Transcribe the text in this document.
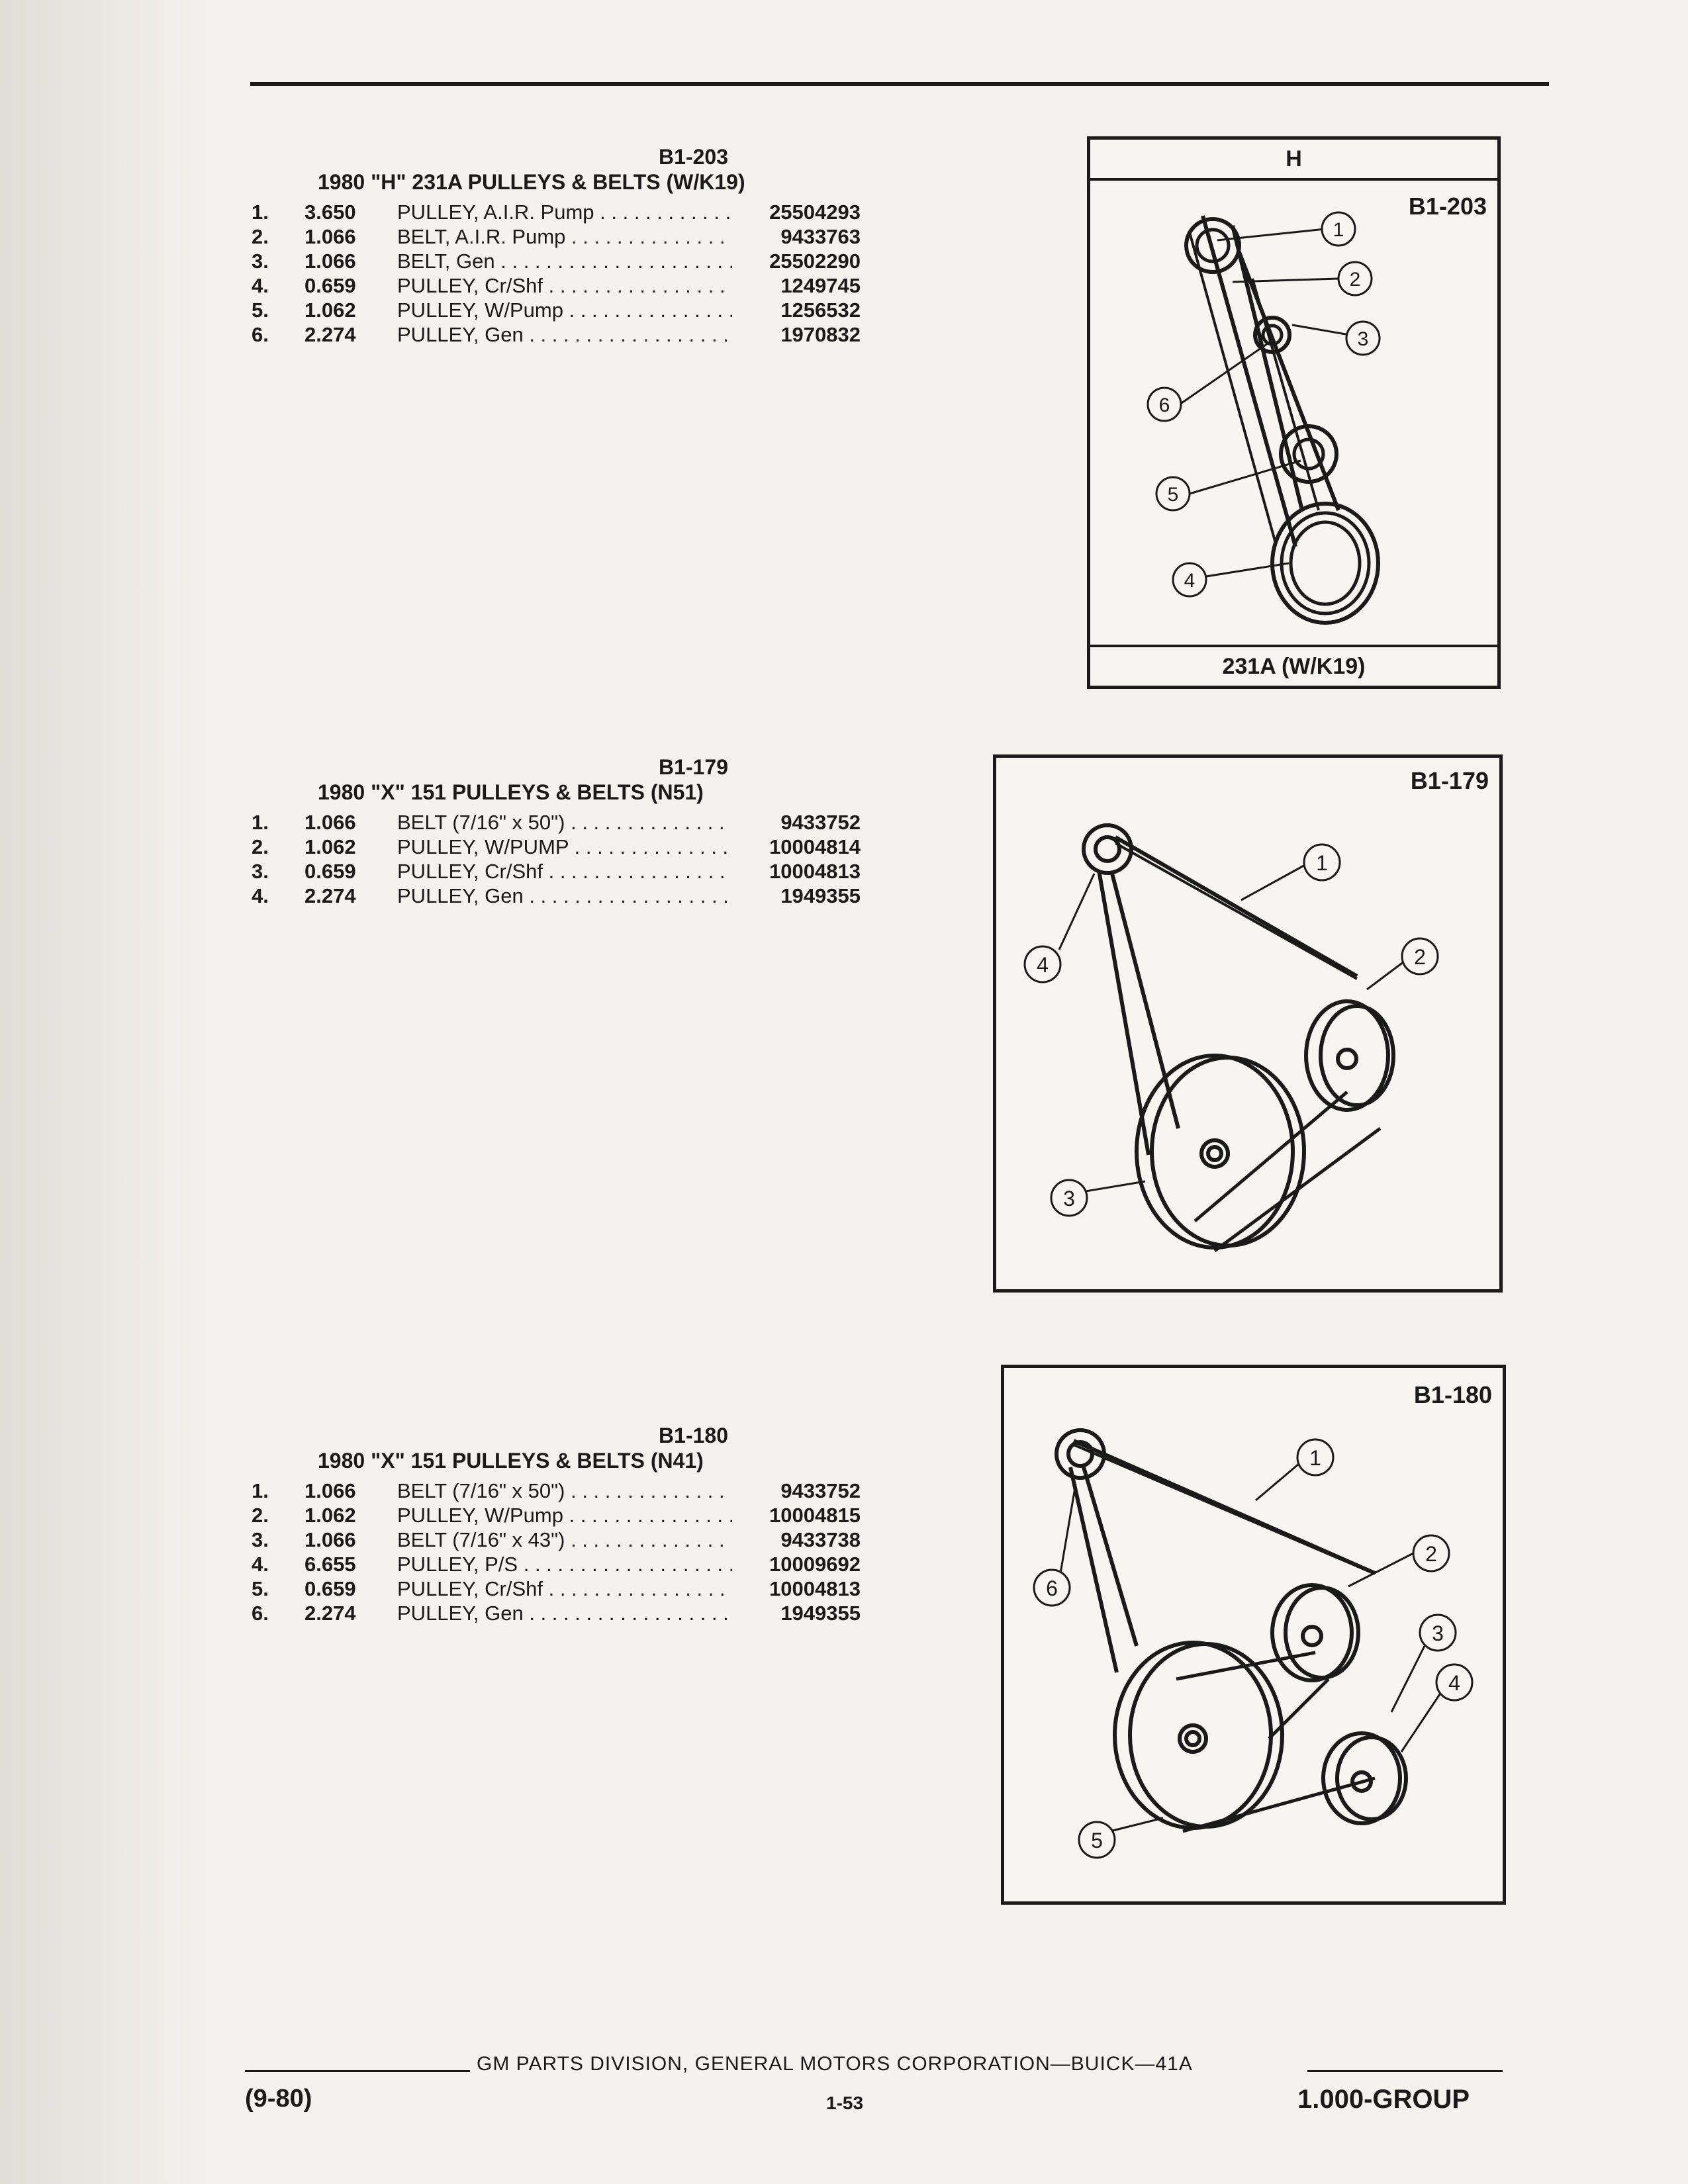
B1-203
1980 "H" 231A PULLEYS & BELTS (W/K19)
1.	3.650	PULLEY, A.I.R. Pump . . .	25504293
2.	1.066	BELT, A.I.R. Pump . . .	9433763
3.	1.066	BELT, Gen . . .	25502290
4.	0.659	PULLEY, Cr/Shf . . .	1249745
5.	1.062	PULLEY, W/Pump . . .	1256532
6.	2.274	PULLEY, Gen . . .	1970832
B1-179
1980 "X" 151 PULLEYS & BELTS (N51)
1.	1.066	BELT (7/16" x 50") . . .	9433752
2.	1.062	PULLEY, W/PUMP . . .	10004814
3.	0.659	PULLEY, Cr/Shf . . .	10004813
4.	2.274	PULLEY, Gen . . .	1949355
B1-180
1980 "X" 151 PULLEYS & BELTS (N41)
1.	1.066	BELT (7/16" x 50") . . .	9433752
2.	1.062	PULLEY, W/Pump . . .	10004815
3.	1.066	BELT (7/16" x 43") . . .	9433738
4.	6.655	PULLEY, P/S . . .	10009692
5.	0.659	PULLEY, Cr/Shf . . .	10004813
6.	2.274	PULLEY, Gen . . .	1949355
H
B1-203
1
2
3
6
5
4
231A (W/K19)
B1-179
1
2
4
3
B1-180
1
2
3
4
6
5
GM PARTS DIVISION, GENERAL MOTORS CORPORATION—BUICK—41A
(9-80)	1-53	1.000-GROUP
